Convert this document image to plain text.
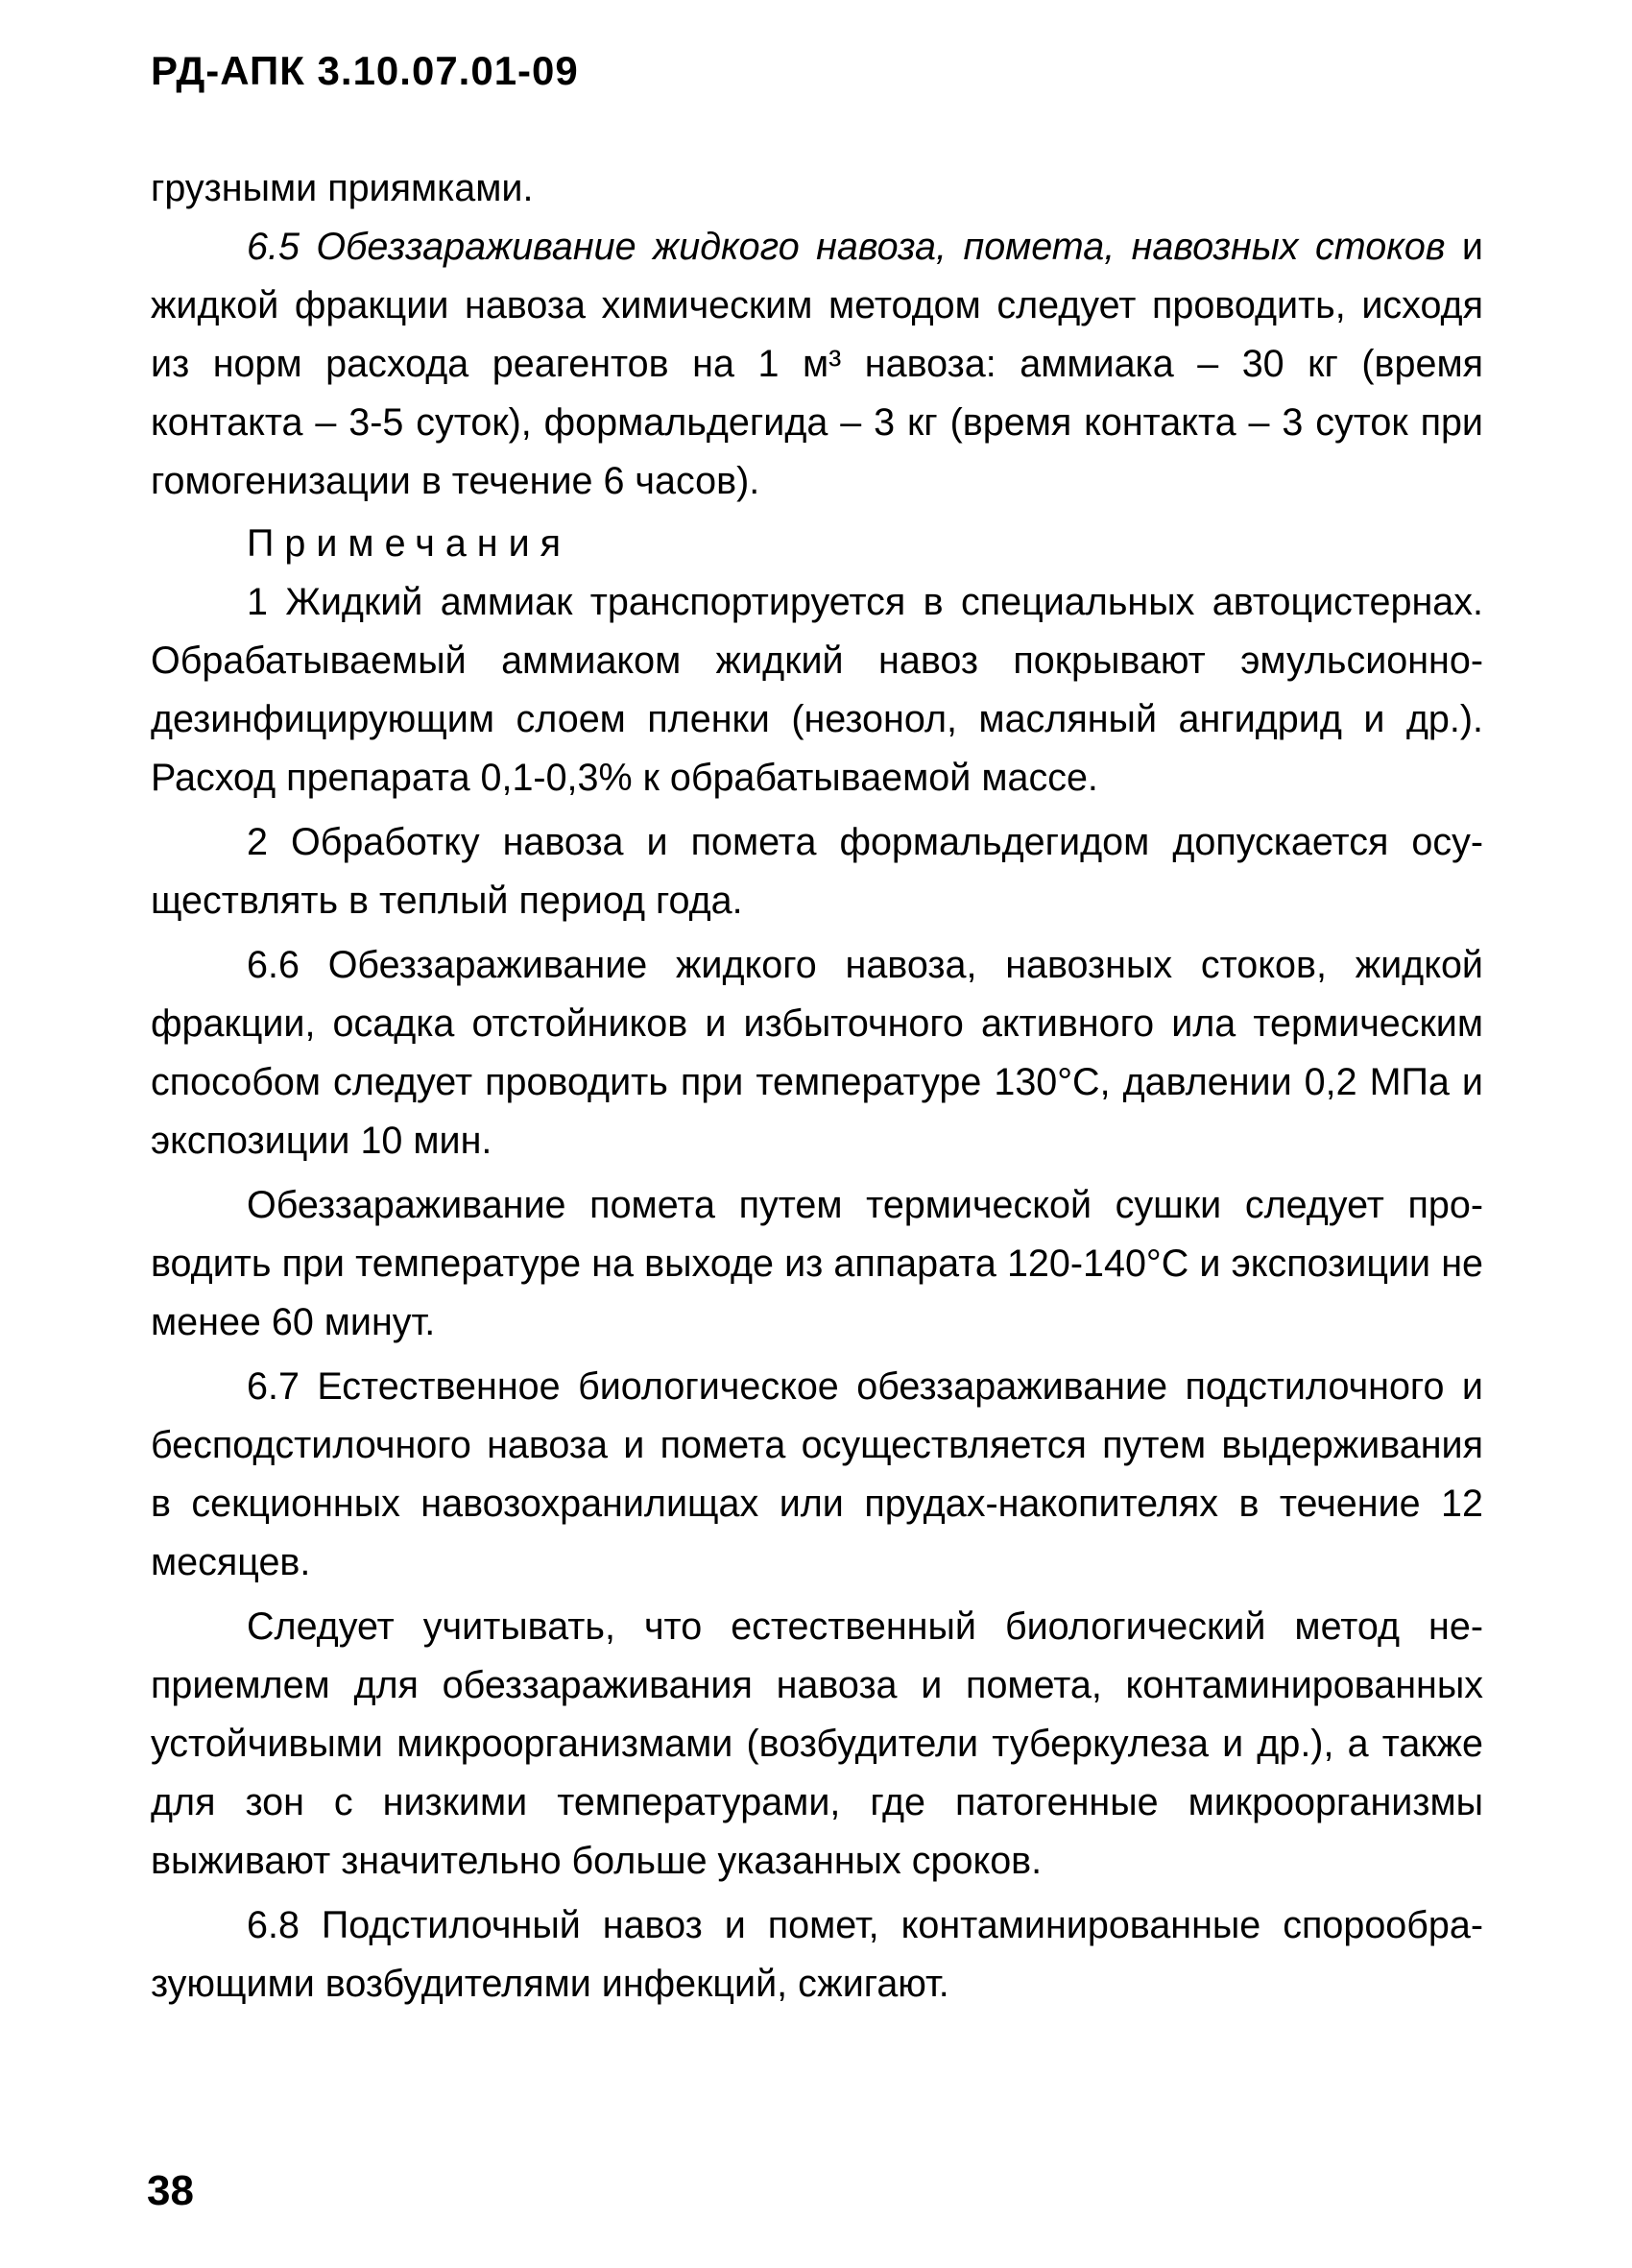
РД-АПК 3.10.07.01-09

грузными приямками.

6.5 Обеззараживание жидкого навоза, помета, навозных стоков и жидкой фракции навоза химическим методом следует проводить, исходя из норм расхода реагентов на 1 м³ навоза: аммиака – 30 кг (время контакта – 3-5 суток), формальдегида – 3 кг (время контакта – 3 суток при гомогенизации в течение 6 часов).

Примечания

1 Жидкий аммиак транспортируется в специальных автоцистернах. Обрабатываемый аммиаком жидкий навоз покрывают эмульсионно-дезинфицирующим слоем пленки (незонол, масляный ангидрид и др.). Расход препарата 0,1-0,3% к обрабатываемой массе.

2 Обработку навоза и помета формальдегидом допускается осуществлять в теплый период года.

6.6 Обеззараживание жидкого навоза, навозных стоков, жидкой фракции, осадка отстойников и избыточного активного ила термическим способом следует проводить при температуре 130°С, давлении 0,2 МПа и экспозиции 10 мин.

Обеззараживание помета путем термической сушки следует проводить при температуре на выходе из аппарата 120-140°С и экспозиции не менее 60 минут.

6.7 Естественное биологическое обеззараживание подстилочного и бесподстилочного навоза и помета осуществляется путем выдерживания в секционных навозохранилищах или прудах-накопителях в течение 12 месяцев.

Следует учитывать, что естественный биологический метод неприемлем для обеззараживания навоза и помета, контаминированных устойчивыми микроорганизмами (возбудители туберкулеза и др.), а также для зон с низкими температурами, где патогенные микроорганизмы выживают значительно больше указанных сроков.

6.8 Подстилочный навоз и помет, контаминированные спорообразующими возбудителями инфекций, сжигают.

38
